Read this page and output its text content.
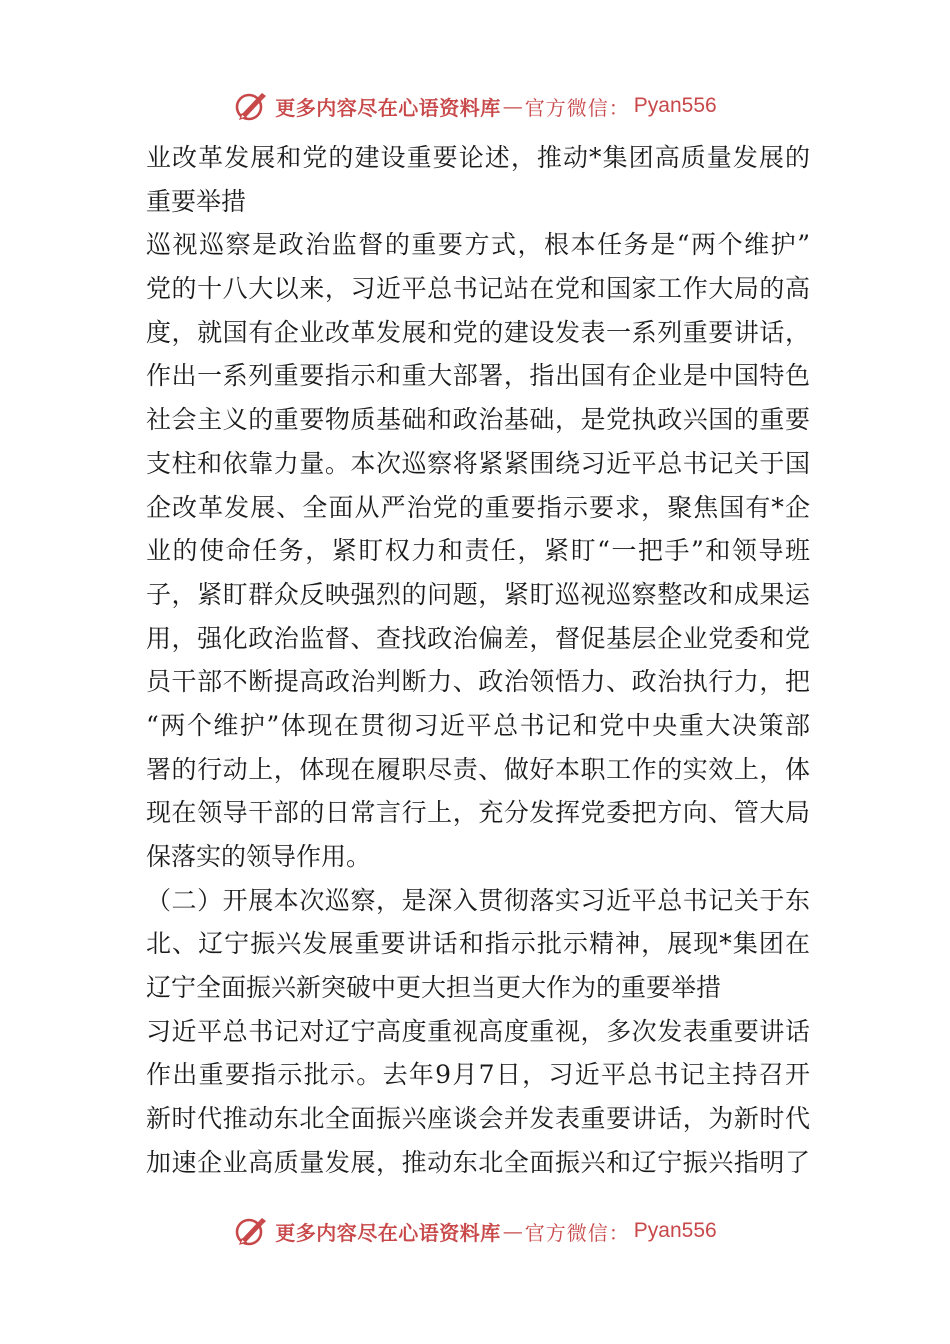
更多内容尽在心语资料库 — 官方微信： Pyan556
业改革发展和党的建设重要论述，推动*集团高质量发展的
重要举措
巡视巡察是政治监督的重要方式，根本任务是“两个维护”
党的十八大以来，习近平总书记站在党和国家工作大局的高
度，就国有企业改革发展和党的建设发表一系列重要讲话，
作出一系列重要指示和重大部署，指出国有企业是中国特色
社会主义的重要物质基础和政治基础，是党执政兴国的重要
支柱和依靠力量。本次巡察将紧紧围绕习近平总书记关于国
企改革发展、全面从严治党的重要指示要求，聚焦国有*企
业的使命任务，紧盯权力和责任，紧盯“一把手”和领导班
子，紧盯群众反映强烈的问题，紧盯巡视巡察整改和成果运
用，强化政治监督、查找政治偏差，督促基层企业党委和党
员干部不断提高政治判断力、政治领悟力、政治执行力，把
“两个维护”体现在贯彻习近平总书记和党中央重大决策部
署的行动上，体现在履职尽责、做好本职工作的实效上，体
现在领导干部的日常言行上，充分发挥党委把方向、管大局
保落实的领导作用。
（二）开展本次巡察，是深入贯彻落实习近平总书记关于东
北、辽宁振兴发展重要讲话和指示批示精神，展现*集团在
辽宁全面振兴新突破中更大担当更大作为的重要举措
习近平总书记对辽宁高度重视高度重视，多次发表重要讲话
作出重要指示批示。去年9月7日，习近平总书记主持召开
新时代推动东北全面振兴座谈会并发表重要讲话，为新时代
加速企业高质量发展，推动东北全面振兴和辽宁振兴指明了
更多内容尽在心语资料库 — 官方微信： Pyan556
